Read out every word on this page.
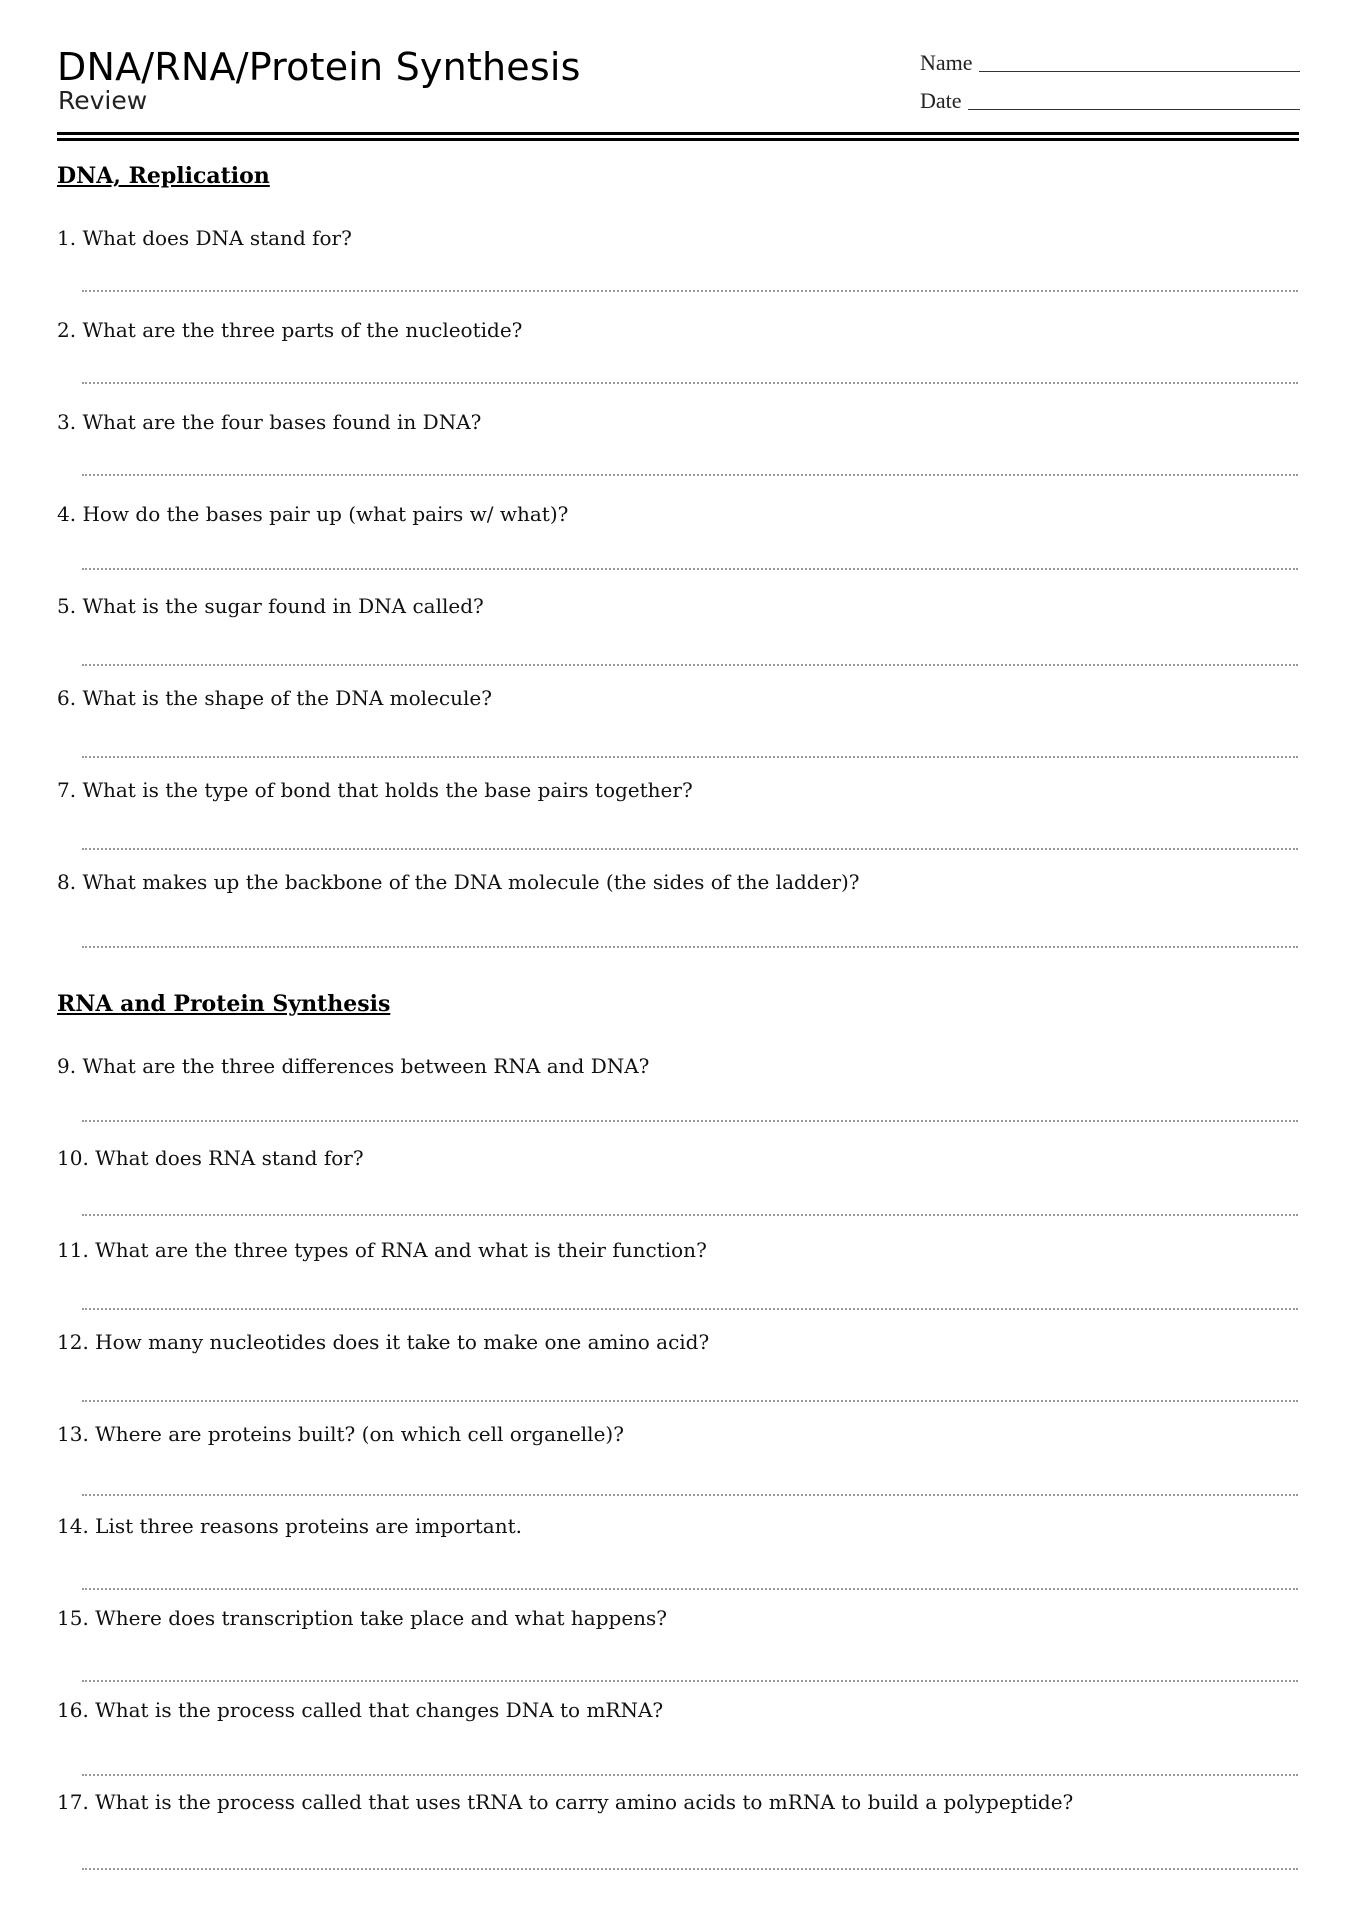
DNA/RNA/Protein Synthesis
Review
Name
Date
DNA, Replication
1. What does DNA stand for?
2. What are the three parts of the nucleotide?
3. What are the four bases found in DNA?
4. How do the bases pair up (what pairs w/ what)?
5. What is the sugar found in DNA called?
6. What is the shape of the DNA molecule?
7. What is the type of bond that holds the base pairs together?
8. What makes up the backbone of the DNA molecule (the sides of the ladder)?
RNA and Protein Synthesis
9. What are the three differences between RNA and DNA?
10. What does RNA stand for?
11. What are the three types of RNA and what is their function?
12. How many nucleotides does it take to make one amino acid?
13. Where are proteins built? (on which cell organelle)?
14. List three reasons proteins are important.
15. Where does transcription take place and what happens?
16. What is the process called that changes DNA to mRNA?
17. What is the process called that uses tRNA to carry amino acids to mRNA to build a polypeptide?
